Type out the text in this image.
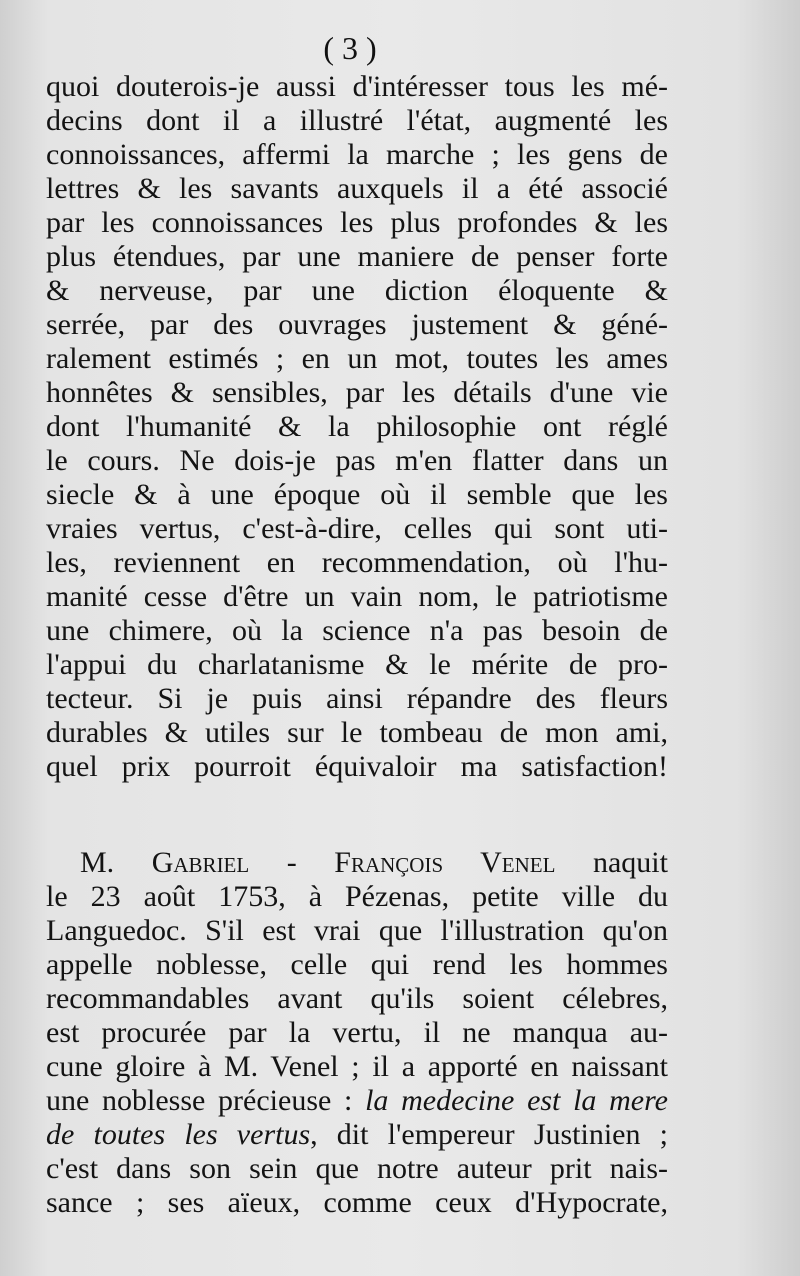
( 3 )
quoi douterois-je aussi d'intéresser tous les mé-
decins dont il a illustré l'état, augmenté les
connoissances, affermi la marche ; les gens de
lettres & les savants auxquels il a été associé
par les connoissances les plus profondes & les
plus étendues, par une maniere de penser forte
& nerveuse, par une diction éloquente &
serrée, par des ouvrages justement & géné-
ralement estimés ; en un mot, toutes les ames
honnêtes & sensibles, par les détails d'une vie
dont l'humanité & la philosophie ont réglé
le cours. Ne dois-je pas m'en flatter dans un
siecle & à une époque où il semble que les
vraies vertus, c'est-à-dire, celles qui sont uti-
les, reviennent en recommendation, où l'hu-
manité cesse d'être un vain nom, le patriotisme
une chimere, où la science n'a pas besoin de
l'appui du charlatanisme & le mérite de pro-
tecteur. Si je puis ainsi répandre des fleurs
durables & utiles sur le tombeau de mon ami,
quel prix pourroit équivaloir ma satisfaction!
M. Gabriel - François Venel naquit
le 23 août 1753, à Pézenas, petite ville du
Languedoc. S'il est vrai que l'illustration qu'on
appelle noblesse, celle qui rend les hommes
recommandables avant qu'ils soient célebres,
est procurée par la vertu, il ne manqua au-
cune gloire à M. Venel ; il a apporté en naissant
une noblesse précieuse : la medecine est la mere
de toutes les vertus, dit l'empereur Justinien ;
c'est dans son sein que notre auteur prit nais-
sance ; ses aïeux, comme ceux d'Hypocrate,
